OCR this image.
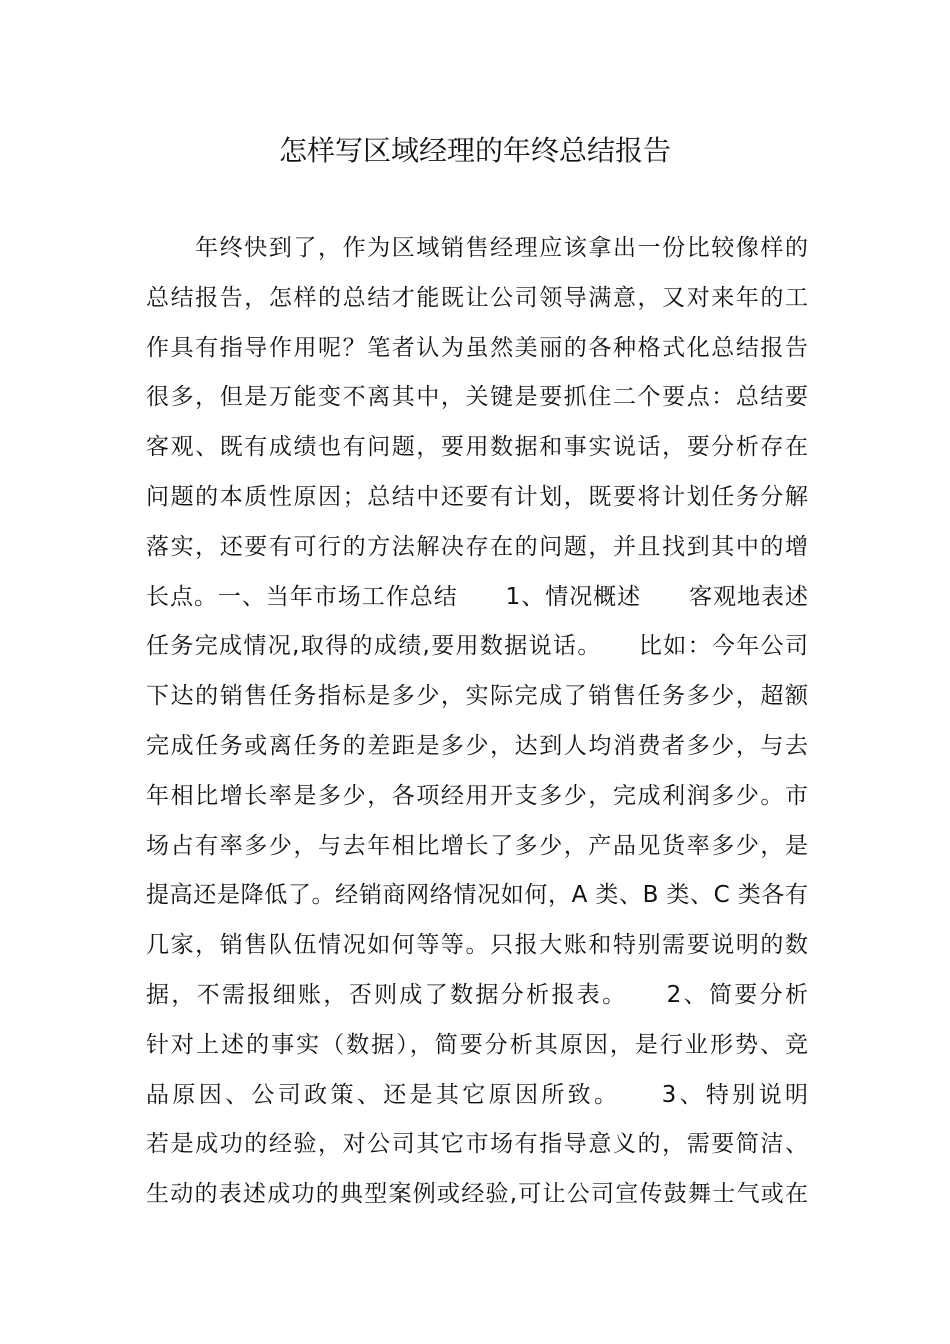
怎样写区域经理的年终总结报告
　　年终快到了，作为区域销售经理应该拿出一份比较像样的
总结报告，怎样的总结才能既让公司领导满意，又对来年的工
作具有指导作用呢？笔者认为虽然美丽的各种格式化总结报告
很多，但是万能变不离其中，关键是要抓住二个要点：总结要
客观、既有成绩也有问题，要用数据和事实说话，要分析存在
问题的本质性原因；总结中还要有计划，既要将计划任务分解
落实，还要有可行的方法解决存在的问题，并且找到其中的增
长点。一、当年市场工作总结　　1、情况概述　　客观地表述
任务完成情况,取得的成绩,要用数据说话。　　比如：今年公司
下达的销售任务指标是多少，实际完成了销售任务多少，超额
完成任务或离任务的差距是多少，达到人均消费者多少，与去
年相比增长率是多少，各项经用开支多少，完成利润多少。市
场占有率多少，与去年相比增长了多少，产品见货率多少，是
提高还是降低了。经销商网络情况如何，A 类、B 类、C 类各有
几家，销售队伍情况如何等等。只报大账和特别需要说明的数
据，不需报细账，否则成了数据分析报表。　　2、简要分析
针对上述的事实（数据），简要分析其原因，是行业形势、竞
品原因、公司政策、还是其它原因所致。　　3、特别说明
若是成功的经验，对公司其它市场有指导意义的，需要简洁、
生动的表述成功的典型案例或经验,可让公司宣传鼓舞士气或在
